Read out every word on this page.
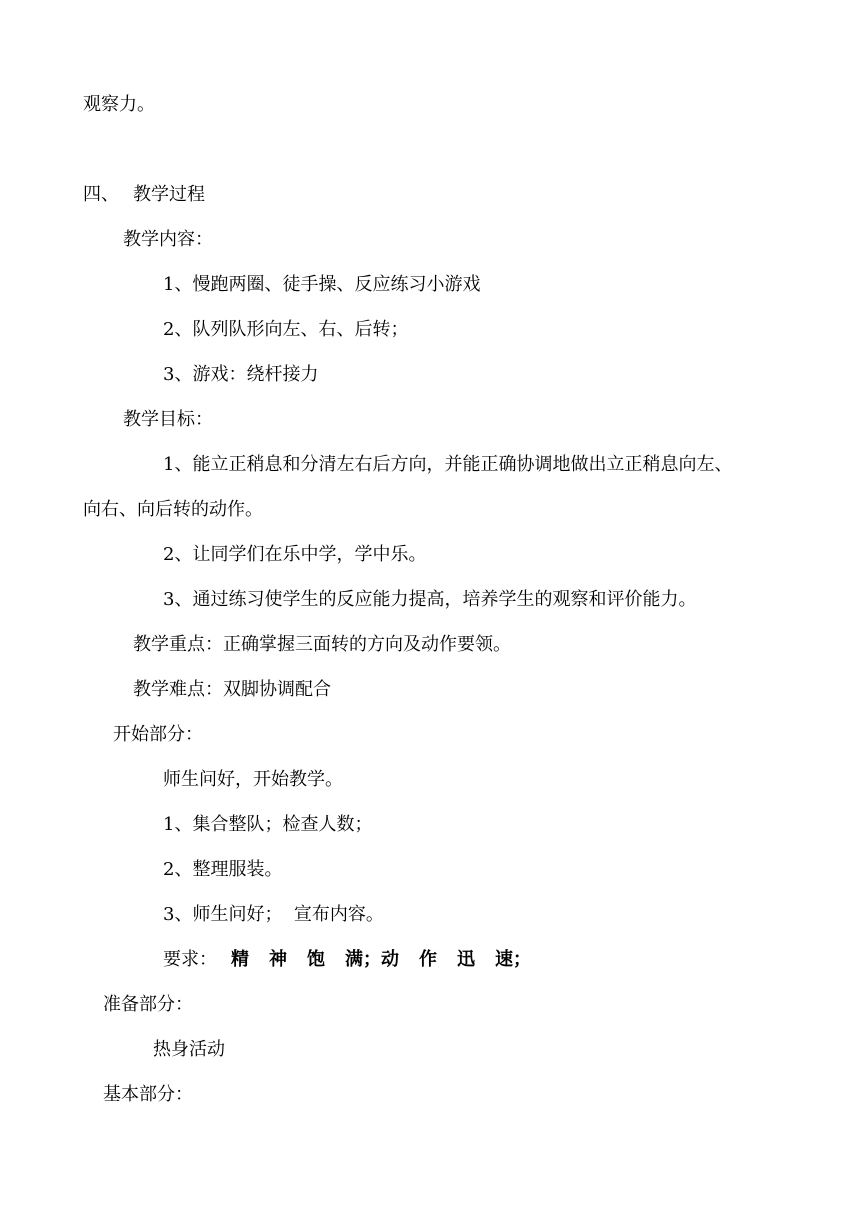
观察力。
四、 教学过程
教学内容：
1、慢跑两圈、徒手操、反应练习小游戏
2、队列队形向左、右、后转；
3、游戏：绕杆接力
教学目标：
1、能立正稍息和分清左右后方向，并能正确协调地做出立正稍息向左、
向右、向后转的动作。
2、让同学们在乐中学，学中乐。
3、通过练习使学生的反应能力提高，培养学生的观察和评价能力。
教学重点：正确掌握三面转的方向及动作要领。
教学难点：双脚协调配合
开始部分：
师生问好，开始教学。
1、集合整队；检查人数；
2、整理服装。
3、师生问好；  宣布内容。
要求： 精 神 饱 满；动 作 迅 速；
准备部分：
热身活动
基本部分：
